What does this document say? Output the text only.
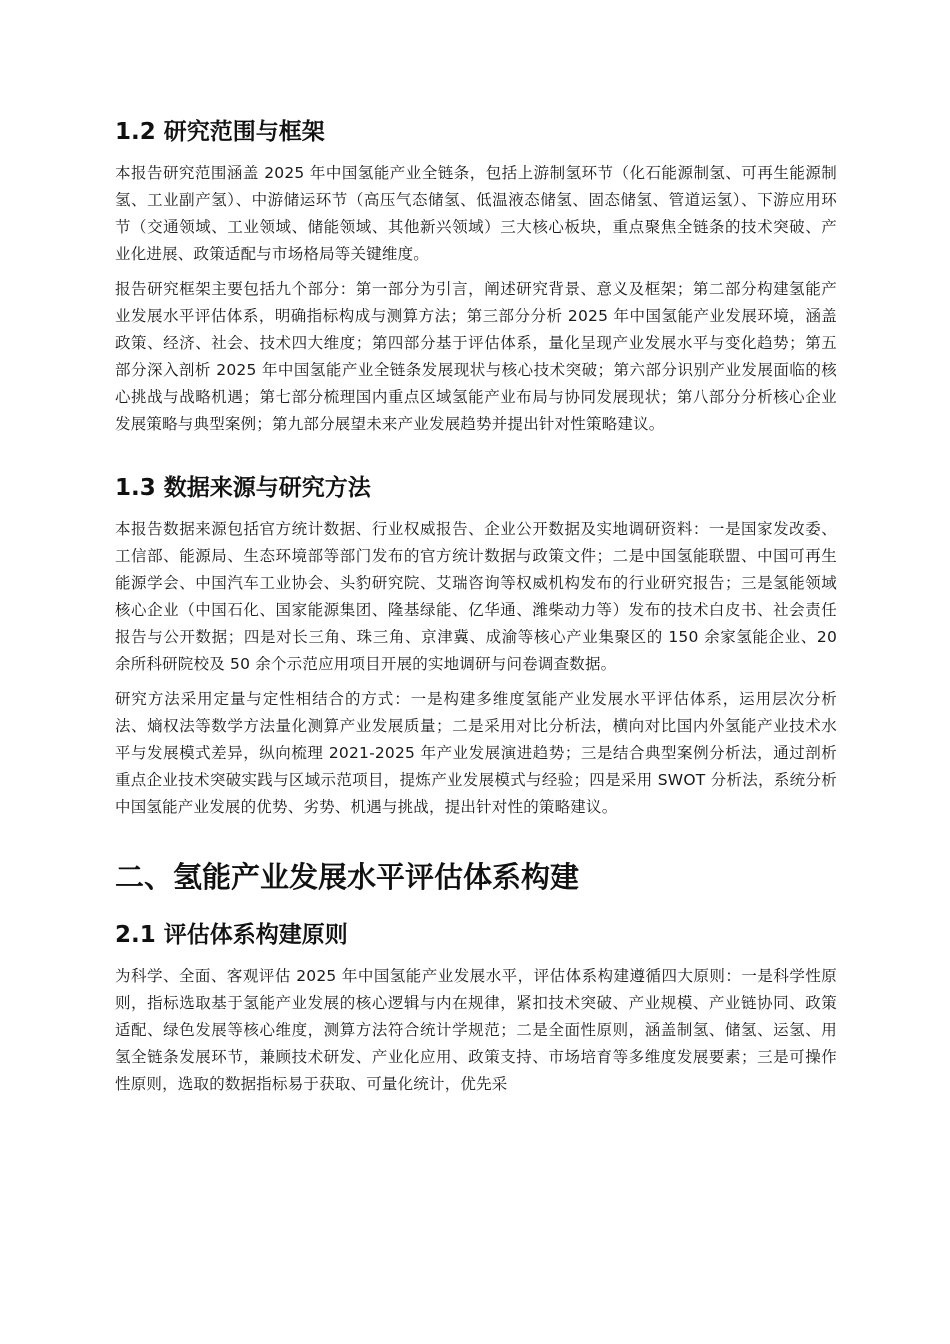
1.2 研究范围与框架

本报告研究范围涵盖 2025 年中国氢能产业全链条，包括上游制氢环节（化石能源制氢、可再生能源制氢、工业副产氢）、中游储运环节（高压气态储氢、低温液态储氢、固态储氢、管道运氢）、下游应用环节（交通领域、工业领域、储能领域、其他新兴领域）三大核心板块，重点聚焦全链条的技术突破、产业化进展、政策适配与市场格局等关键维度。

报告研究框架主要包括九个部分：第一部分为引言，阐述研究背景、意义及框架；第二部分构建氢能产业发展水平评估体系，明确指标构成与测算方法；第三部分分析 2025 年中国氢能产业发展环境，涵盖政策、经济、社会、技术四大维度；第四部分基于评估体系，量化呈现产业发展水平与变化趋势；第五部分深入剖析 2025 年中国氢能产业全链条发展现状与核心技术突破；第六部分识别产业发展面临的核心挑战与战略机遇；第七部分梳理国内重点区域氢能产业布局与协同发展现状；第八部分分析核心企业发展策略与典型案例；第九部分展望未来产业发展趋势并提出针对性策略建议。

1.3 数据来源与研究方法

本报告数据来源包括官方统计数据、行业权威报告、企业公开数据及实地调研资料：一是国家发改委、工信部、能源局、生态环境部等部门发布的官方统计数据与政策文件；二是中国氢能联盟、中国可再生能源学会、中国汽车工业协会、头豹研究院、艾瑞咨询等权威机构发布的行业研究报告；三是氢能领域核心企业（中国石化、国家能源集团、隆基绿能、亿华通、潍柴动力等）发布的技术白皮书、社会责任报告与公开数据；四是对长三角、珠三角、京津冀、成渝等核心产业集聚区的 150 余家氢能企业、20 余所科研院校及 50 余个示范应用项目开展的实地调研与问卷调查数据。

研究方法采用定量与定性相结合的方式：一是构建多维度氢能产业发展水平评估体系，运用层次分析法、熵权法等数学方法量化测算产业发展质量；二是采用对比分析法，横向对比国内外氢能产业技术水平与发展模式差异，纵向梳理 2021-2025 年产业发展演进趋势；三是结合典型案例分析法，通过剖析重点企业技术突破实践与区域示范项目，提炼产业发展模式与经验；四是采用 SWOT 分析法，系统分析中国氢能产业发展的优势、劣势、机遇与挑战，提出针对性的策略建议。

二、氢能产业发展水平评估体系构建
2.1 评估体系构建原则

为科学、全面、客观评估 2025 年中国氢能产业发展水平，评估体系构建遵循四大原则：一是科学性原则，指标选取基于氢能产业发展的核心逻辑与内在规律，紧扣技术突破、产业规模、产业链协同、政策适配、绿色发展等核心维度，测算方法符合统计学规范；二是全面性原则，涵盖制氢、储氢、运氢、用氢全链条发展环节，兼顾技术研发、产业化应用、政策支持、市场培育等多维度发展要素；三是可操作性原则，选取的数据指标易于获取、可量化统计，优先采
